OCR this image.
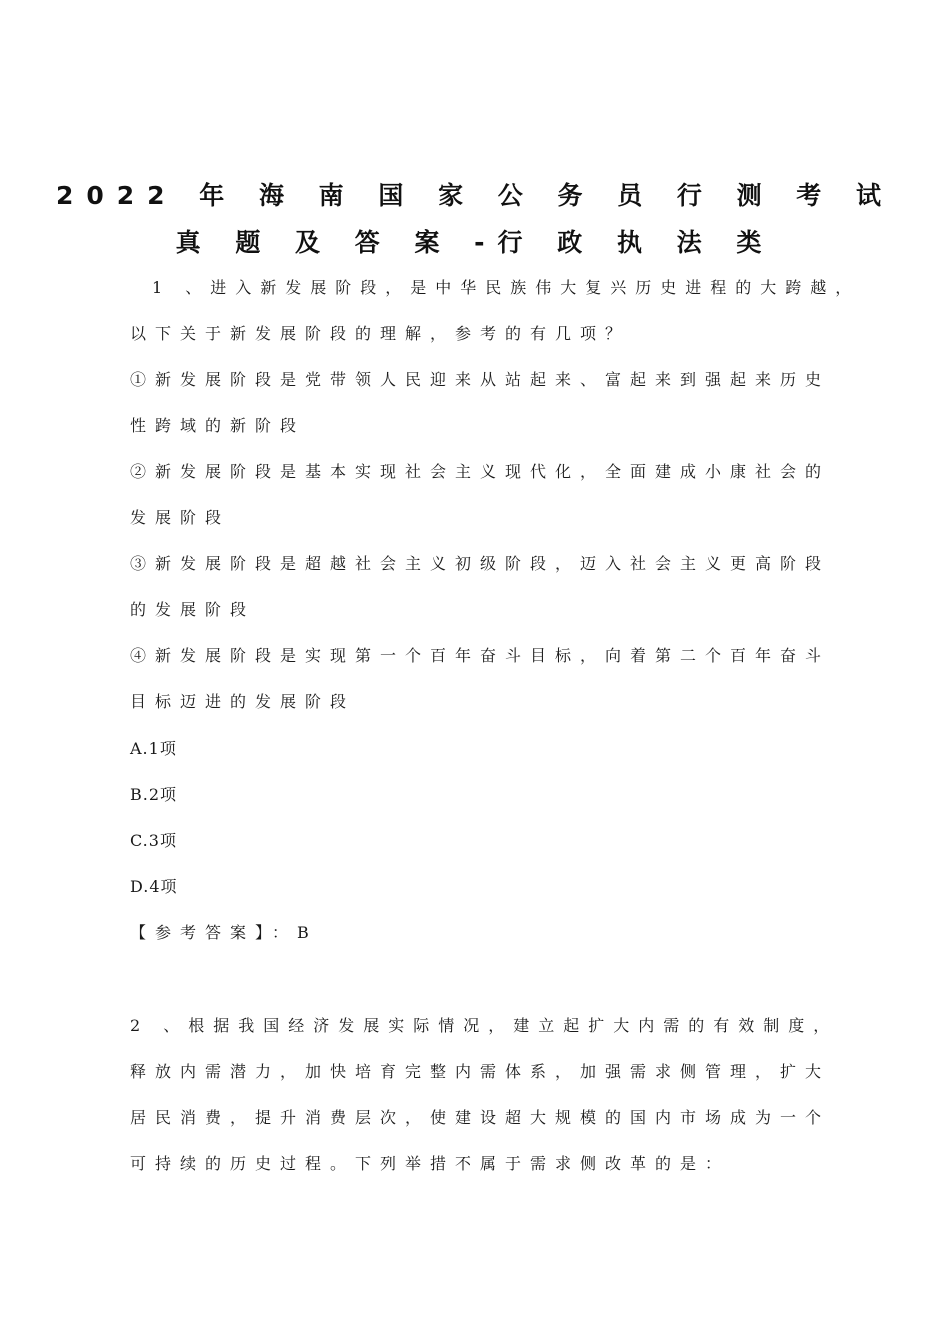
2022 年 海 南 国 家 公 务 员 行 测 考 试
真 题 及 答 案 -行 政 执 法 类
1 、进入新发展阶段，是中华民族伟大复兴历史进程的大跨越，
以下关于新发展阶段的理解，参考的有几项？
①新发展阶段是党带领人民迎来从站起来、富起来到强起来历史
性跨域的新阶段
②新发展阶段是基本实现社会主义现代化，全面建成小康社会的
发展阶段
③新发展阶段是超越社会主义初级阶段，迈入社会主义更高阶段
的发展阶段
④新发展阶段是实现第一个百年奋斗目标，向着第二个百年奋斗
目标迈进的发展阶段
A.1项
B.2项
C.3项
D.4项
【参考答案】：B
2 、根据我国经济发展实际情况，建立起扩大内需的有效制度，
释放内需潜力，加快培育完整内需体系，加强需求侧管理，扩大
居民消费，提升消费层次，使建设超大规模的国内市场成为一个
可持续的历史过程。下列举措不属于需求侧改革的是：
